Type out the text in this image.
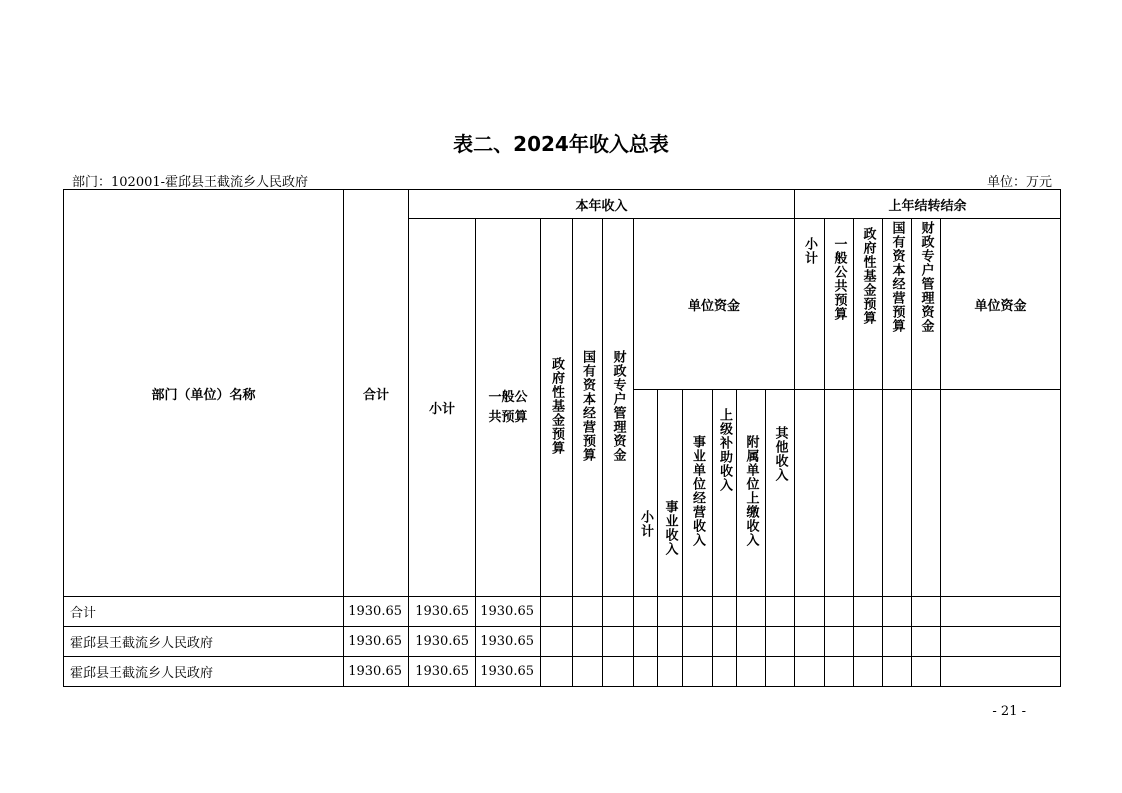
表二、2024年收入总表
部门：102001-霍邱县王截流乡人民政府	单位：万元
部门（单位）名称	合计	本年收入											上年结转结余					
		小计	一般公共预算	政府性基金预算	国有资本经营预算	财政专户管理资金	单位资金						小计	一般公共预算	政府性基金预算	国有资本经营预算	财政专户管理资金	单位资金
							小计	事业收入	事业单位经营收入	上级补助收入	附属单位上缴收入	其他收入						
合计	1930.65	1930.65	1930.65															
霍邱县王截流乡人民政府	1930.65	1930.65	1930.65															
霍邱县王截流乡人民政府	1930.65	1930.65	1930.65															
- 21 -
